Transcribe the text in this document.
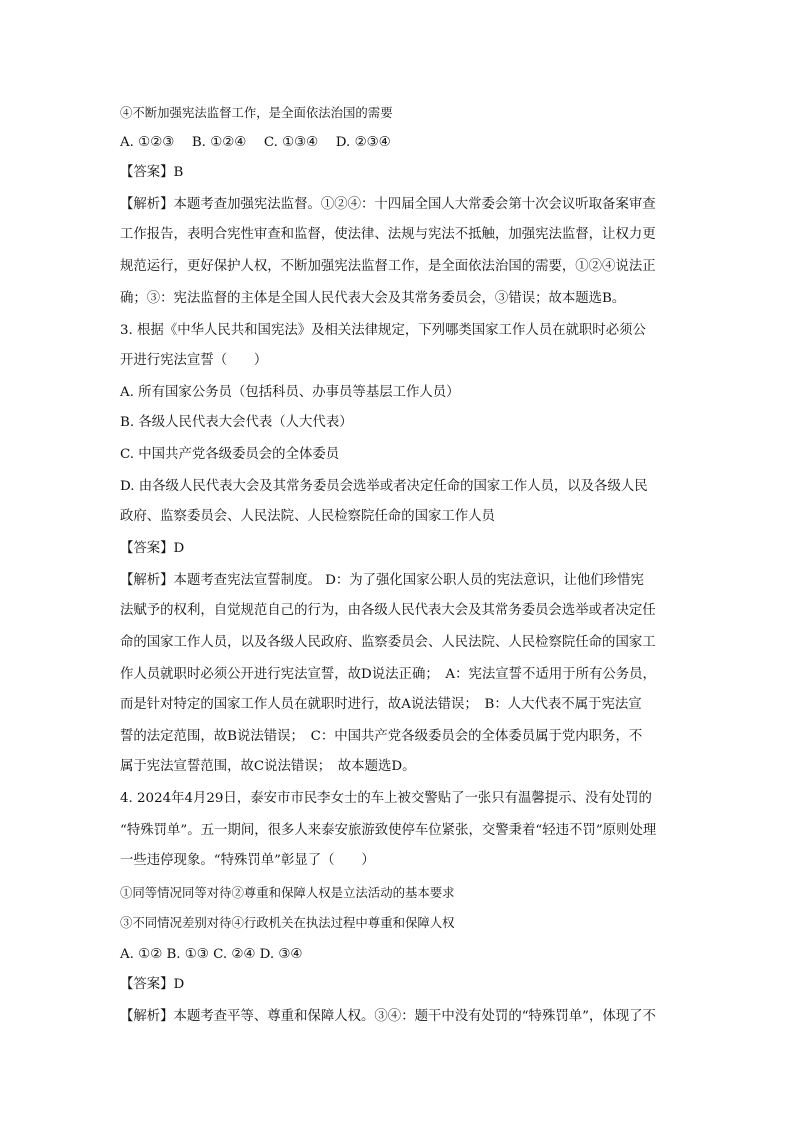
④不断加强宪法监督工作，是全面依法治国的需要
A. ①②③　 B. ①②④　 C. ①③④　 D. ②③④
【答案】B
【解析】本题考查加强宪法监督。①②④：十四届全国人大常委会第十次会议听取备案审查
工作报告，表明合宪性审查和监督，使法律、法规与宪法不抵触，加强宪法监督，让权力更
规范运行，更好保护人权，不断加强宪法监督工作，是全面依法治国的需要，①②④说法正
确；③：宪法监督的主体是全国人民代表大会及其常务委员会，③错误；故本题选B。
3. 根据《中华人民共和国宪法》及相关法律规定，下列哪类国家工作人员在就职时必须公
开进行宪法宣誓（　　）
A. 所有国家公务员（包括科员、办事员等基层工作人员）
B. 各级人民代表大会代表（人大代表）
C. 中国共产党各级委员会的全体委员
D. 由各级人民代表大会及其常务委员会选举或者决定任命的国家工作人员，以及各级人民
政府、监察委员会、人民法院、人民检察院任命的国家工作人员
【答案】D
【解析】本题考查宪法宣誓制度。 D：为了强化国家公职人员的宪法意识，让他们珍惜宪
法赋予的权利，自觉规范自己的行为，由各级人民代表大会及其常务委员会选举或者决定任
命的国家工作人员，以及各级人民政府、监察委员会、人民法院、人民检察院任命的国家工
作人员就职时必须公开进行宪法宣誓，故D说法正确；　A：宪法宣誓不适用于所有公务员，
而是针对特定的国家工作人员在就职时进行，故A说法错误；　B：人大代表不属于宪法宣
誓的法定范围，故B说法错误；　C：中国共产党各级委员会的全体委员属于党内职务，不
属于宪法宣誓范围，故C说法错误；　故本题选D。
4. 2024年4月29日，泰安市市民李女士的车上被交警贴了一张只有温馨提示、没有处罚的
“特殊罚单”。五一期间，很多人来泰安旅游致使停车位紧张，交警秉着“轻违不罚”原则处理
一些违停现象。“特殊罚单”彰显了（　　）
①同等情况同等对待②尊重和保障人权是立法活动的基本要求
③不同情况差别对待④行政机关在执法过程中尊重和保障人权
A. ①② B. ①③ C. ②④ D. ③④
【答案】D
【解析】本题考查平等、尊重和保障人权。③④：题干中没有处罚的“特殊罚单”，体现了不
